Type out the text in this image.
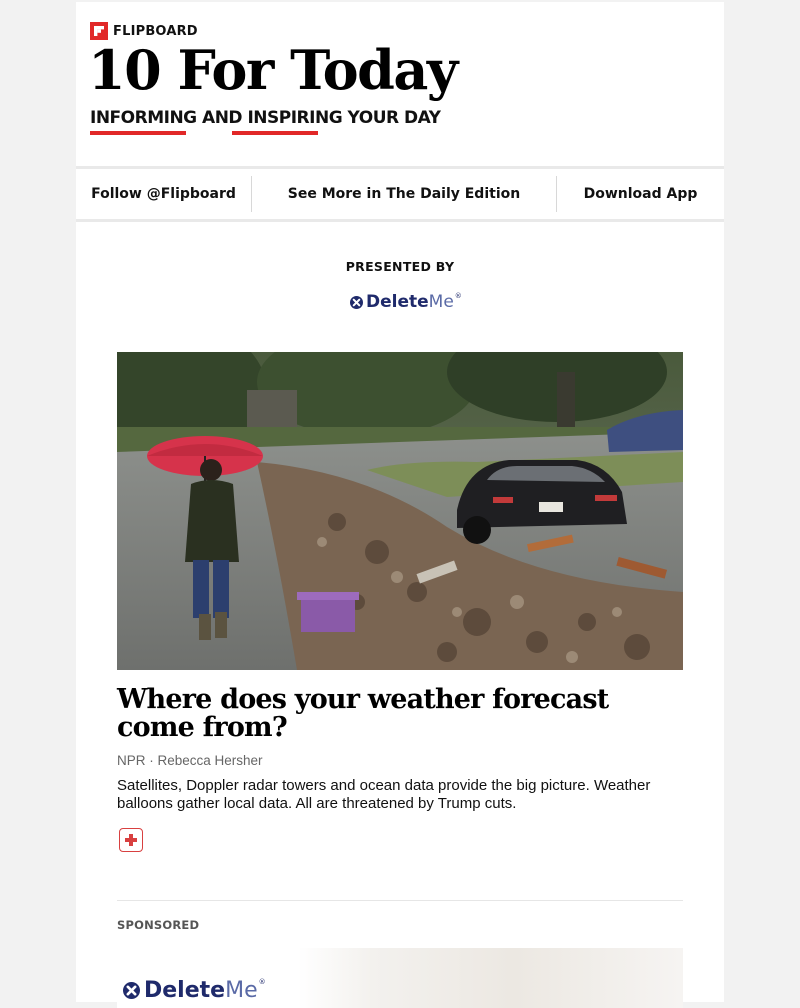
FLIPBOARD
10 For Today
INFORMING AND INSPIRING YOUR DAY
Follow @Flipboard	See More in The Daily Edition	Download App
PRESENTED BY
DeleteMe®
Where does your weather forecast come from?
NPR · Rebecca Hersher
Satellites, Doppler radar towers and ocean data provide the big picture. Weather balloons gather local data. All are threatened by Trump cuts.
SPONSORED
DeleteMe®
